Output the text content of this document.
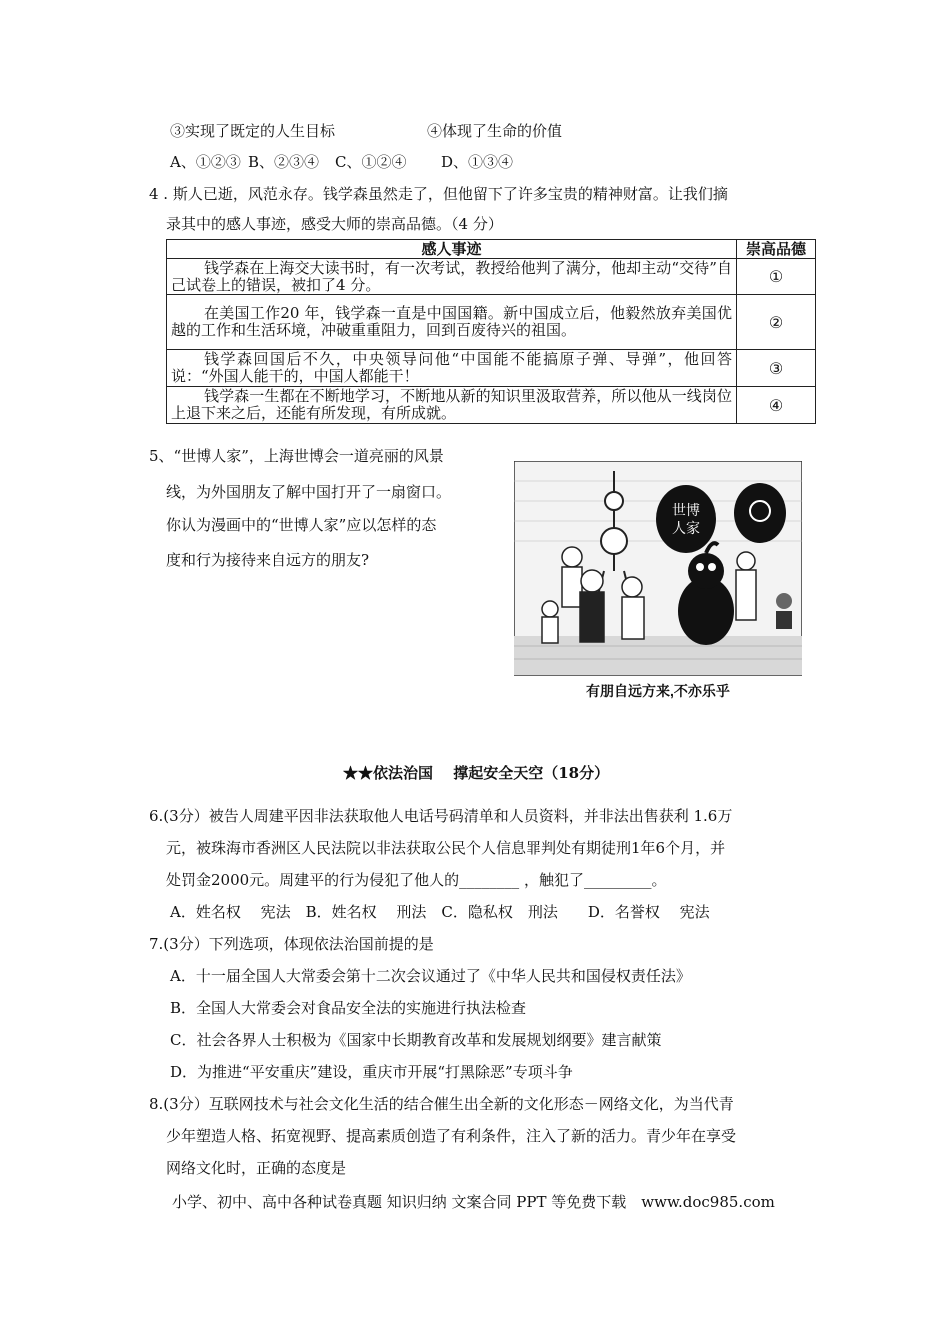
③实现了既定的人生目标	④体现了生命的价值
A、①②③ B、②③④ C、①②④ D、①③④
4 . 斯人已逝，风范永存。钱学森虽然走了，但他留下了许多宝贵的精神财富。让我们摘
录其中的感人事迹，感受大师的崇高品德。（4 分）
感人事迹	崇高品德
钱学森在上海交大读书时，有一次考试，教授给他判了满分，他却主动“交待”自己试卷上的错误，被扣了4 分。	①
在美国工作20 年，钱学森一直是中国国籍。新中国成立后，他毅然放弃美国优越的工作和生活环境，冲破重重阻力，回到百废待兴的祖国。	②
钱学森回国后不久，中央领导问他“中国能不能搞原子弹、导弹”，他回答说：“外国人能干的，中国人都能干！	③
钱学森一生都在不断地学习，不断地从新的知识里汲取营养，所以他从一线岗位上退下来之后，还能有所发现，有所成就。	④
5、“世博人家”，上海世博会一道亮丽的风景
线，为外国朋友了解中国打开了一扇窗口。
你认为漫画中的“世博人家”应以怎样的态
度和行为接待来自远方的朋友?
世博
人家
有朋自远方来,不亦乐乎
★★依法治国　 撑起安全天空（18分）
6.(3分）被告人周建平因非法获取他人电话号码清单和人员资料，并非法出售获利 1.6万
元，被珠海市香洲区人民法院以非法获取公民个人信息罪判处有期徒刑1年6个月，并
处罚金2000元。周建平的行为侵犯了他人的________ ，触犯了_________。
A．姓名权　 宪法　B．姓名权　 刑法　C．隐私权　刑法　　D．名誉权　 宪法
7.(3分）下列选项，体现依法治国前提的是
A．十一届全国人大常委会第十二次会议通过了《中华人民共和国侵权责任法》
B．全国人大常委会对食品安全法的实施进行执法检查
C．社会各界人士积极为《国家中长期教育改革和发展规划纲要》建言献策
D．为推进“平安重庆”建设，重庆市开展“打黑除恶”专项斗争
8.(3分）互联网技术与社会文化生活的结合催生出全新的文化形态－网络文化，为当代青
少年塑造人格、拓宽视野、提高素质创造了有利条件，注入了新的活力。青少年在享受
网络文化时，正确的态度是
小学、初中、高中各种试卷真题 知识归纳 文案合同 PPT 等免费下载　www.doc985.com
